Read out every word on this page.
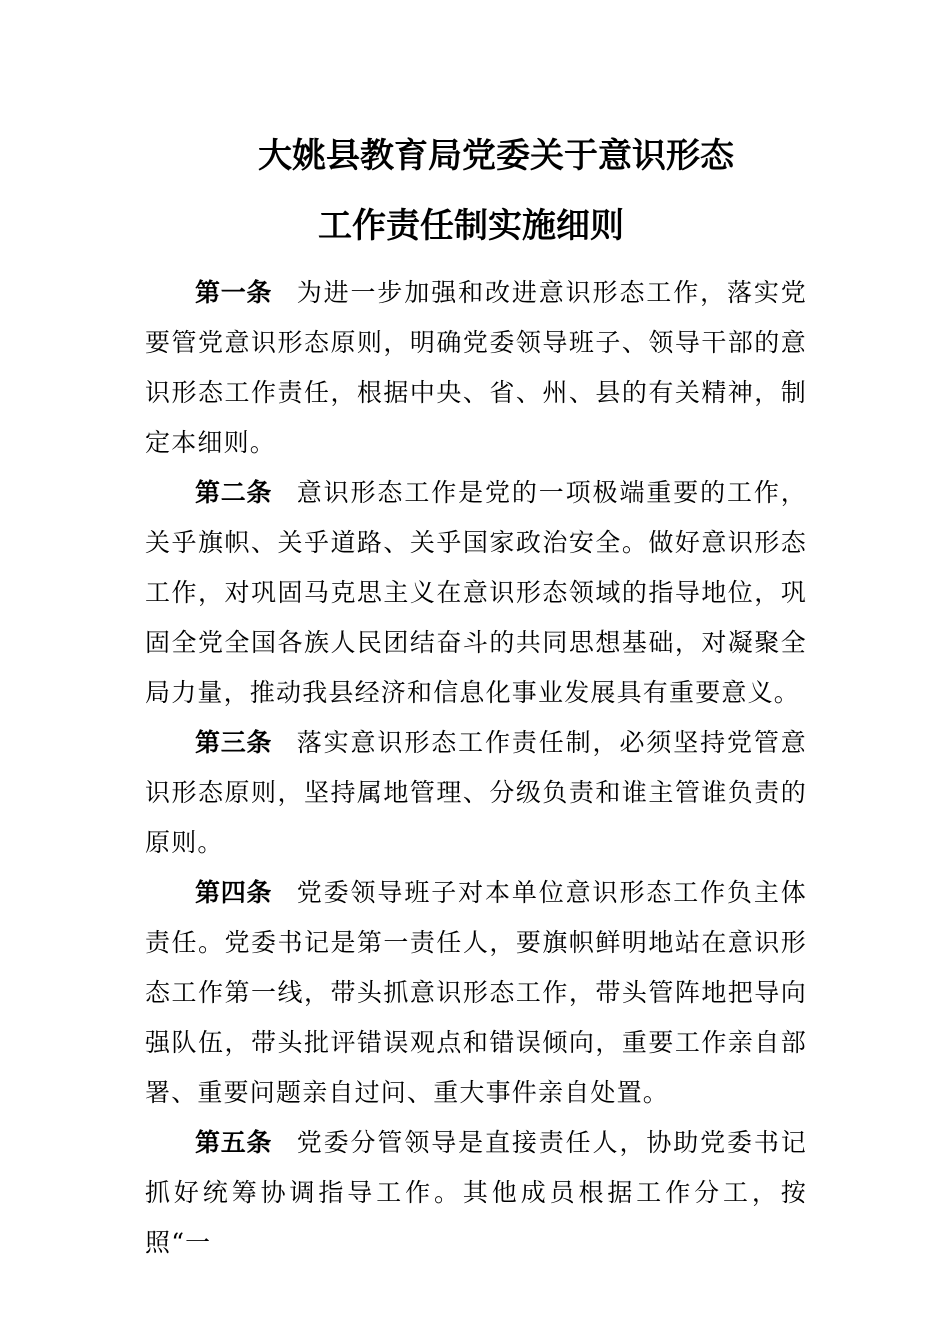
大姚县教育局党委关于意识形态
工作责任制实施细则

第一条 为进一步加强和改进意识形态工作，落实党要管党意识形态原则，明确党委领导班子、领导干部的意识形态工作责任，根据中央、省、州、县的有关精神，制定本细则。

第二条 意识形态工作是党的一项极端重要的工作，关乎旗帜、关乎道路、关乎国家政治安全。做好意识形态工作，对巩固马克思主义在意识形态领域的指导地位，巩固全党全国各族人民团结奋斗的共同思想基础，对凝聚全局力量，推动我县经济和信息化事业发展具有重要意义。

第三条 落实意识形态工作责任制，必须坚持党管意识形态原则，坚持属地管理、分级负责和谁主管谁负责的原则。

第四条 党委领导班子对本单位意识形态工作负主体责任。党委书记是第一责任人，要旗帜鲜明地站在意识形态工作第一线，带头抓意识形态工作，带头管阵地把导向强队伍，带头批评错误观点和错误倾向，重要工作亲自部署、重要问题亲自过问、重大事件亲自处置。

第五条 党委分管领导是直接责任人，协助党委书记抓好统筹协调指导工作。其他成员根据工作分工，按照“一
